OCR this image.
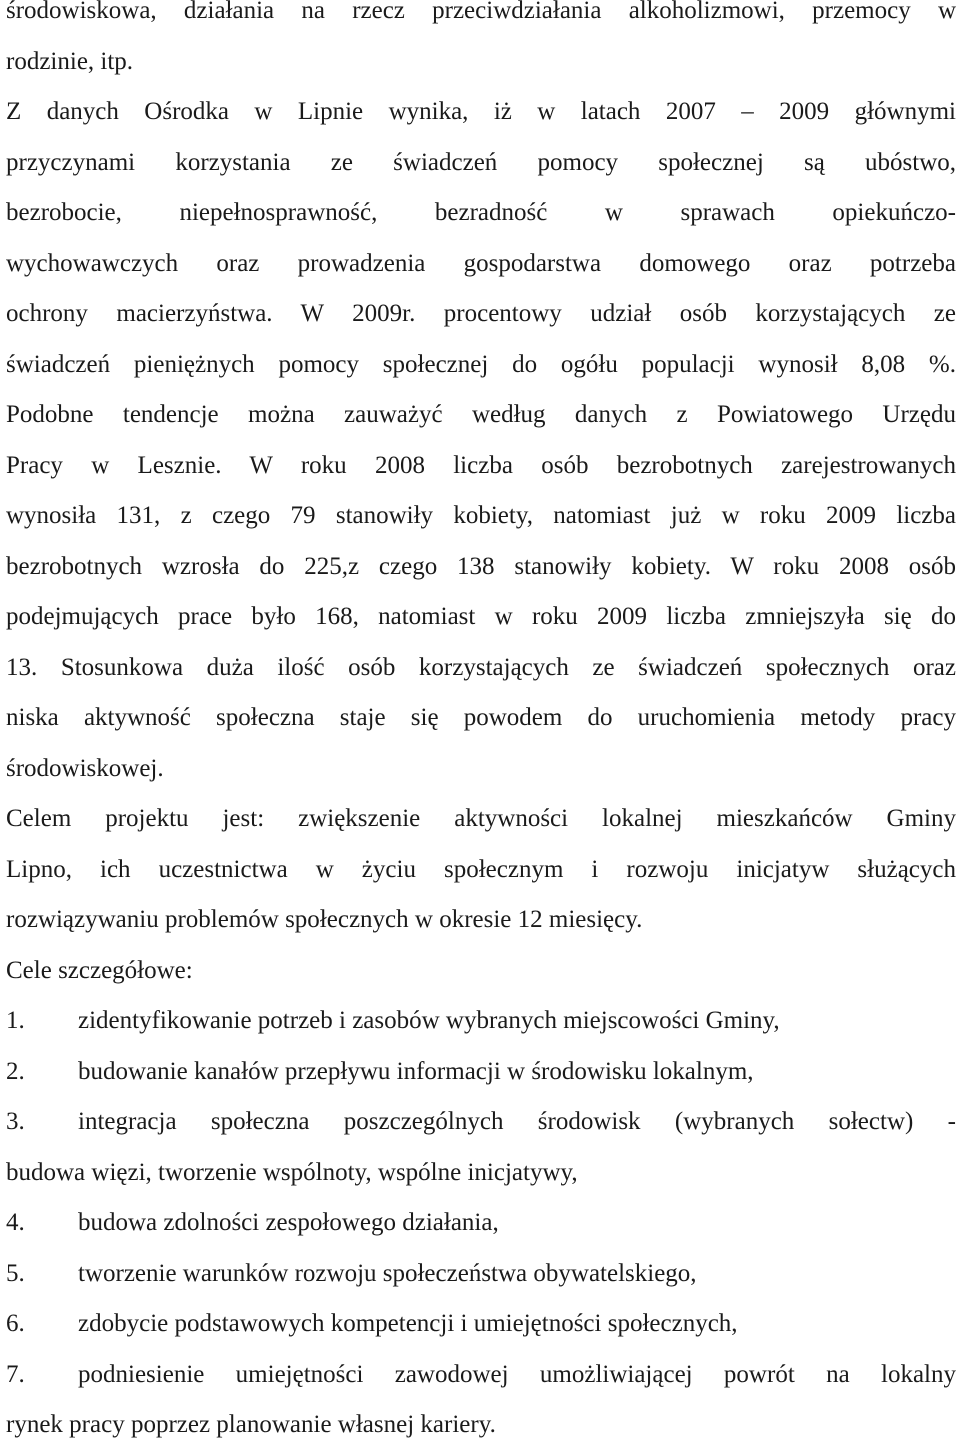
środowiskowa, działania na rzecz przeciwdziałania alkoholizmowi, przemocy w
rodzinie, itp.
Z danych Ośrodka w Lipnie wynika, iż w latach 2007 – 2009 głównymi
przyczynami korzystania ze świadczeń pomocy społecznej są ubóstwo,
bezrobocie, niepełnosprawność, bezradność w sprawach opiekuńczo-
wychowawczych oraz prowadzenia gospodarstwa domowego oraz potrzeba
ochrony macierzyństwa. W 2009r. procentowy udział osób korzystających ze
świadczeń pieniężnych pomocy społecznej do ogółu populacji wynosił 8,08 %.
Podobne tendencje można zauważyć według danych z Powiatowego Urzędu
Pracy w Lesznie. W roku 2008 liczba osób bezrobotnych zarejestrowanych
wynosiła 131, z czego 79 stanowiły kobiety, natomiast już w roku 2009 liczba
bezrobotnych wzrosła do 225,z czego 138 stanowiły kobiety. W roku 2008 osób
podejmujących prace było 168, natomiast w roku 2009 liczba zmniejszyła się do
13. Stosunkowa duża ilość osób korzystających ze świadczeń społecznych oraz
niska aktywność społeczna staje się powodem do uruchomienia metody pracy
środowiskowej.
Celem projektu jest: zwiększenie aktywności lokalnej mieszkańców Gminy
Lipno, ich uczestnictwa w życiu społecznym i rozwoju inicjatyw służących
rozwiązywaniu problemów społecznych w okresie 12 miesięcy.
Cele szczegółowe:
1.	zidentyfikowanie potrzeb i zasobów wybranych miejscowości Gminy,
2.	budowanie kanałów przepływu informacji w środowisku lokalnym,
3.	integracja społeczna poszczególnych środowisk (wybranych sołectw) -
budowa więzi, tworzenie wspólnoty, wspólne inicjatywy,
4.	budowa zdolności zespołowego działania,
5.	tworzenie warunków rozwoju społeczeństwa obywatelskiego,
6.	zdobycie podstawowych kompetencji i umiejętności społecznych,
7.	podniesienie umiejętności zawodowej umożliwiającej powrót na lokalny
rynek pracy poprzez planowanie własnej kariery.
